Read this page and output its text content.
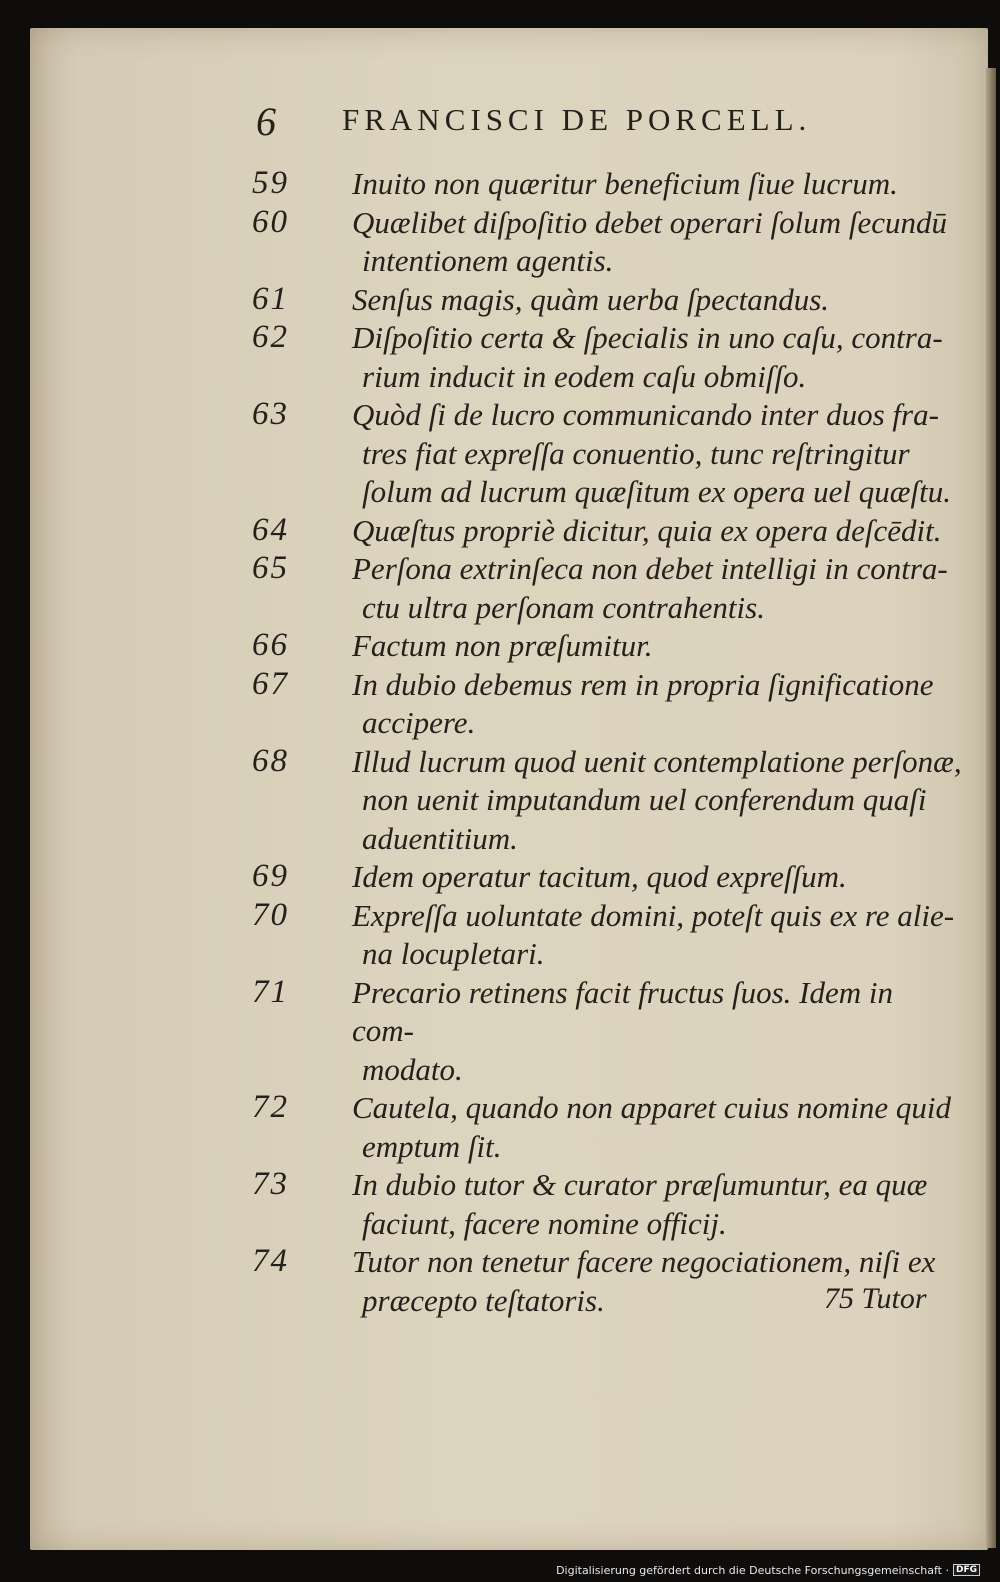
6 FRANCISCI DE PORCELL.
59 Inuito non quæritur beneficium ſiue lucrum.
60 Quælibet diſpoſitio debet operari ſolum ſecundū
intentionem agentis.
61 Senſus magis, quàm uerba ſpectandus.
62 Diſpoſitio certa & ſpecialis in uno caſu, contra-
rium inducit in eodem caſu obmiſſo.
63 Quòd ſi de lucro communicando inter duos fra-
tres fiat expreſſa conuentio, tunc reſtringitur
ſolum ad lucrum quæſitum ex opera uel quæſtu.
64 Quæſtus propriè dicitur, quia ex opera deſcēdit.
65 Perſona extrinſeca non debet intelligi in contra-
ctu ultra perſonam contrahentis.
66 Factum non præſumitur.
67 In dubio debemus rem in propria ſignificatione
accipere.
68 Illud lucrum quod uenit contemplatione perſonæ,
non uenit imputandum uel conferendum quaſi
aduentitium.
69 Idem operatur tacitum, quod expreſſum.
70 Expreſſa uoluntate domini, poteſt quis ex re alie-
na locupletari.
71 Precario retinens facit fructus ſuos. Idem in com-
modato.
72 Cautela, quando non apparet cuius nomine quid
emptum ſit.
73 In dubio tutor & curator præſumuntur, ea quæ
faciunt, facere nomine officij.
74 Tutor non tenetur facere negociationem, niſi ex
præcepto teſtatoris.	75 Tutor
Digitalisierung gefördert durch die Deutsche Forschungsgemeinschaft · DFG
